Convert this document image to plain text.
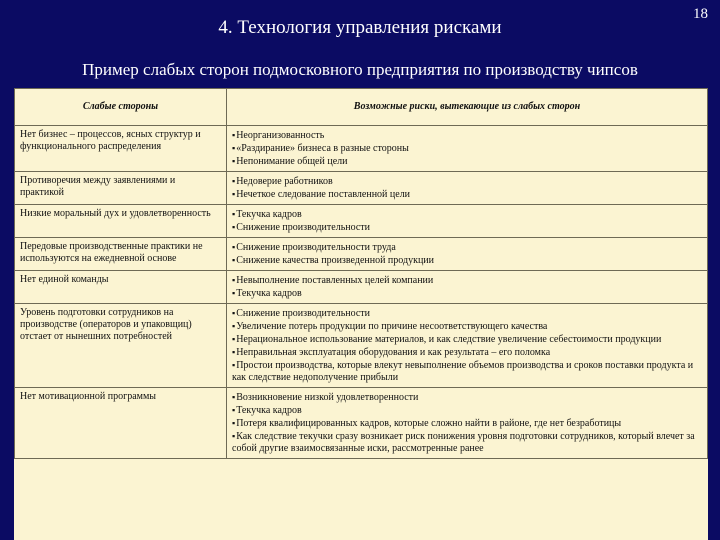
18
4. Технология управления рисками
Пример слабых сторон подмосковного предприятия по производству чипсов
Слабые стороны	Возможные риски, вытекающие из слабых сторон
Нет бизнес – процессов, ясных структур и функционального распределения	▪ Неорганизованность
▪ «Раздирание» бизнеса в разные стороны
▪ Непонимание общей цели

Противоречия между заявлениями и практикой	▪ Недоверие работников
▪ Нечеткое следование поставленной цели

Низкие моральный дух и удовлетворенность	▪ Текучка кадров
▪ Снижение производительности

Передовые производственные практики не используются на ежедневной основе	▪ Снижение производительности труда
▪ Снижение качества произведенной продукции

Нет единой команды	▪ Невыполнение поставленных целей компании
▪ Текучка кадров

Уровень подготовки сотрудников на производстве (операторов и упаковщиц) отстает от нынешних потребностей	▪ Снижение производительности
▪ Увеличение потерь продукции по причине несоответствующего качества
▪ Нерациональное использование материалов, и как следствие увеличение себестоимости продукции
▪ Неправильная эксплуатация оборудования и как результата – его поломка
▪ Простои производства, которые влекут невыполнение объемов производства и сроков поставки продукта и как следствие недополучение прибыли

Нет мотивационной программы	▪ Возникновение низкой удовлетворенности
▪ Текучка кадров
▪ Потеря квалифицированных кадров, которые сложно найти в районе, где нет безработицы
▪ Как следствие текучки сразу возникает риск понижения уровня подготовки сотрудников, который влечет за собой другие взаимосвязанные иски, рассмотренные ранее
